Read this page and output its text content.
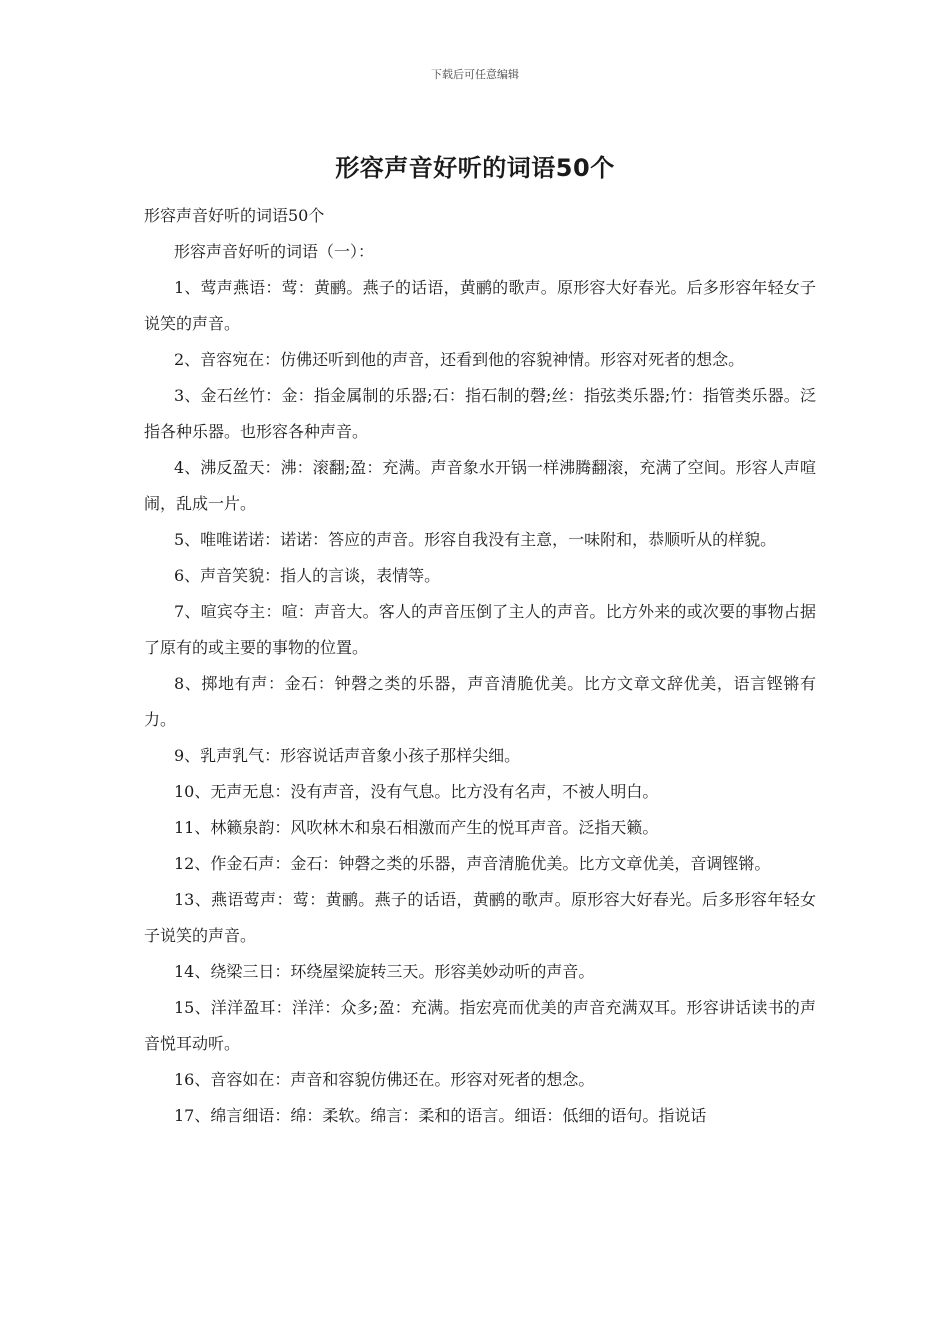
下载后可任意编辑
形容声音好听的词语50个

形容声音好听的词语50个

形容声音好听的词语（一）：

1、莺声燕语：莺：黄鹂。燕子的话语，黄鹂的歌声。原形容大好春光。后多形容年轻女子说笑的声音。

2、音容宛在：仿佛还听到他的声音，还看到他的容貌神情。形容对死者的想念。

3、金石丝竹：金：指金属制的乐器;石：指石制的磬;丝：指弦类乐器;竹：指管类乐器。泛指各种乐器。也形容各种声音。

4、沸反盈天：沸：滚翻;盈：充满。声音象水开锅一样沸腾翻滚，充满了空间。形容人声喧闹，乱成一片。

5、唯唯诺诺：诺诺：答应的声音。形容自我没有主意，一味附和，恭顺听从的样貌。

6、声音笑貌：指人的言谈，表情等。

7、喧宾夺主：喧：声音大。客人的声音压倒了主人的声音。比方外来的或次要的事物占据了原有的或主要的事物的位置。

8、掷地有声：金石：钟磬之类的乐器，声音清脆优美。比方文章文辞优美，语言铿锵有力。

9、乳声乳气：形容说话声音象小孩子那样尖细。

10、无声无息：没有声音，没有气息。比方没有名声，不被人明白。

11、林籁泉韵：风吹林木和泉石相激而产生的悦耳声音。泛指天籁。

12、作金石声：金石：钟磬之类的乐器，声音清脆优美。比方文章优美，音调铿锵。

13、燕语莺声：莺：黄鹂。燕子的话语，黄鹂的歌声。原形容大好春光。后多形容年轻女子说笑的声音。

14、绕梁三日：环绕屋梁旋转三天。形容美妙动听的声音。

15、洋洋盈耳：洋洋：众多;盈：充满。指宏亮而优美的声音充满双耳。形容讲话读书的声音悦耳动听。

16、音容如在：声音和容貌仿佛还在。形容对死者的想念。

17、绵言细语：绵：柔软。绵言：柔和的语言。细语：低细的语句。指说话
